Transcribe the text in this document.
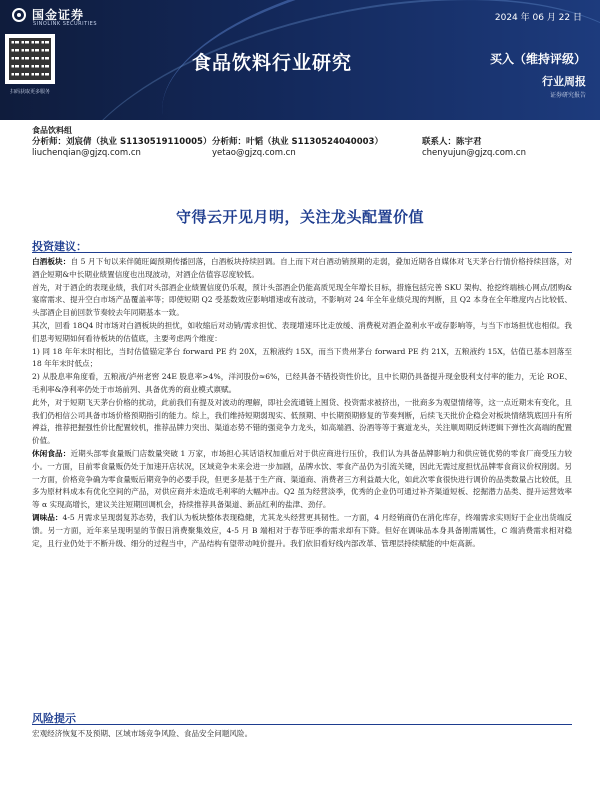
国金证券
SINOLINK SECURITIES
扫码获取更多服务
2024 年 06 月 22 日
食品饮料行业研究	买入（维持评级）
行业周报
证券研究报告
食品饮料组
分析师：刘宸倩（执业 S1130519110005） 分析师：叶韬（执业 S1130524040003）	联系人：陈宇君
liuchenqian@gjzq.com.cn	yetao@gjzq.com.cn	chenyujun@gjzq.com.cn
守得云开见月明，关注龙头配置价值
投资建议：

白酒板块：自 5 月下旬以来伴随旺阖预期传播回落，白酒板块持续回调。自上而下对白酒动销预期的走弱，叠加近期各自媒体对飞天茅台行情价格持续回落，对酒企短期&中长期业绩置信度也出现波动，对酒企估值容忍度较低。

首先，对于酒企的表现业绩，我们对头部酒企业绩置信度仍乐观，预计头部酒企仍能高质见现全年增长目标，措施包括完善 SKU 架构、抢挖终端核心网点/团购&宴席需求、提升空白市场产品覆盖率等；即使短期 Q2 受基数效应影响增速或有波动，不影响对 24 年全年业绩兑现的判断，且 Q2 本身在全年维度内占比较低、头部酒企目前回款节奏较去年同期基本一致。

其次，回看 18Q4 时市场对白酒板块的担忧，如收缩后对动销/需求担忧、表现增速环比走放缓、消费税对酒企盈利水平或存影响等，与当下市场担忧也相似。我们思考短期如何看待板块的估值底，主要考虑两个维度：

1) 同 18 年年末时相比，当时估值锚定茅台 forward PE 约 20X，五粮液约 15X，而当下贵州茅台 forward PE 约 21X，五粮液约 15X，估值已基本回落至 18 年年末时低点；

2) 从股息率角度看，五粮液/泸州老窖 24E 股息率>4%，洋河股份≈6%，已经具备不错投资性价比，且中长期仍具备提升现金股利支付率的能力，无论 ROE、毛利率&净利率仍处于市场前列、具备优秀的商业模式禀赋。

此外，对于短期飞天茅台价格的扰动，此前我们有提及对波动的理解，即社会流通链上囤货、投资需求被挤出，一批商多为观望情绪等，这一点近期未有变化，且我们仍相信公司具备市场价格预期指引的能力。综上，我们维持短期弱现实、低预期、中长期预期修复的节奏判断，后续飞天批价企稳会对板块情绪筑底回升有所裨益，推荐把握强性价比配置较机，推荐品牌力突出、渠道态势不错的强竞争力龙头，如高端酒、汾酒等等于赛道龙头，关注顺周期反转逻辑下弹性次高端的配置价值。

休闲食品：近期头部零食量贩门店数量突破 1 万家，市场担心其话语权加重后对于供应商进行压价，我们认为具备品牌影响力和供应链优势的零食厂商受压力较小。一方面，目前零食量贩仍处于加速开店状况，区域竞争未来会进一步加剧，品牌水饮、零食产品仍为引流关键，因此无需过度担忧品牌零食商议价权削弱。另一方面，价格竞争确为零食量贩后期竞争的必要手段，但更多是基于生产商、渠道商、消费者三方利益最大化，如此次零食很快进行调价的品类数量占比较低，且多为原材料成本有优化空间的产品，对供应商并未造成毛利率的大幅冲击。Q2 虽为经营淡季，优秀的企业仍可通过补齐渠道短板、挖掘潜力品类、提升运营效率等 α 实现高增长，建议关注短期回调机会，持续推荐具备渠道、新品红利的盐津、劲仔。

调味品：4-5 月需求呈现弱复苏态势，我们认为板块整体表现稳健，尤其龙头经营更具韧性。一方面，4 月经销商仍在消化库存，终端需求实则好于企业出货端反馈。另一方面，近年来呈现明显的节假日消费聚集效应，4-5 月 B 端相对于春节旺季的需求却有下降。但好在调味品本身具备刚需属性，C 端消费需求相对稳定，且行业仍处于不断升级、细分的过程当中，产品结构有望带动吨价提升。我们依旧看好线内部改革、管理层持续赋能的中炬高新。

风险提示
宏观经济恢复不及预期、区域市场竞争风险、食品安全问题风险。
